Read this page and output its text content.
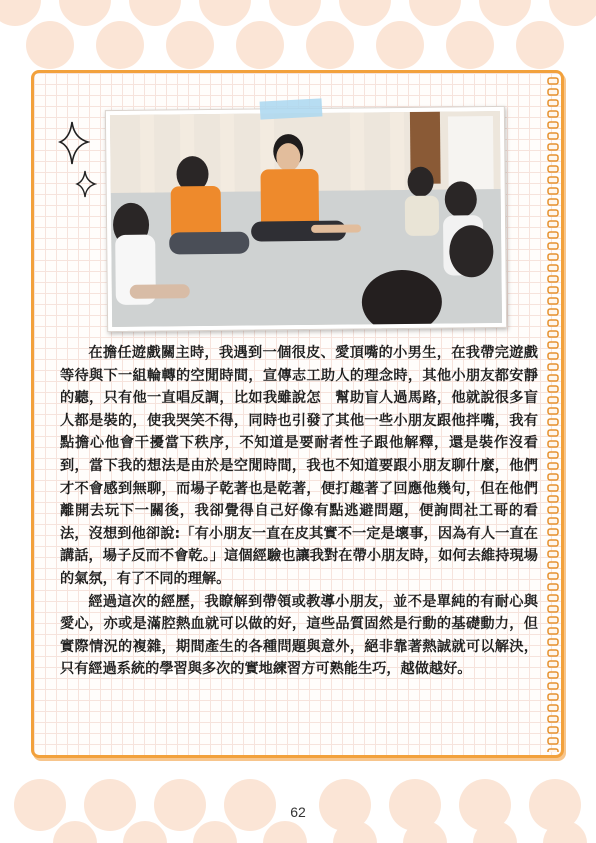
在擔任遊戲關主時，我遇到一個很皮、愛頂嘴的小男生，在我帶完遊戲等待與下一組輪轉的空閒時間，宣傳志工助人的理念時，其他小朋友都安靜的聽，只有他一直唱反調，比如我雖說怎　幫助盲人過馬路，他就說很多盲人都是裝的，使我哭笑不得，同時也引發了其他一些小朋友跟他拌嘴，我有點擔心他會干擾當下秩序，不知道是要耐者性子跟他解釋，還是裝作沒看到，當下我的想法是由於是空閒時間，我也不知道要跟小朋友聊什麼，他們才不會感到無聊，而場子乾著也是乾著，便打趣著了回應他幾句，但在他們離開去玩下一關後，我卻覺得自己好像有點逃避問題，便詢問社工哥的看法，沒想到他卻說:「有小朋友一直在皮其實不一定是壞事，因為有人一直在講話，場子反而不會乾。」這個經驗也讓我對在帶小朋友時，如何去維持現場的氣氛，有了不同的理解。

經過這次的經歷，我瞭解到帶領或教導小朋友，並不是單純的有耐心與愛心，亦或是滿腔熱血就可以做的好，這些品質固然是行動的基礎動力，但實際情況的複雜，期間產生的各種問題與意外，絕非靠著熱誠就可以解決，只有經過系統的學習與多次的實地練習方可熟能生巧，越做越好。

62
